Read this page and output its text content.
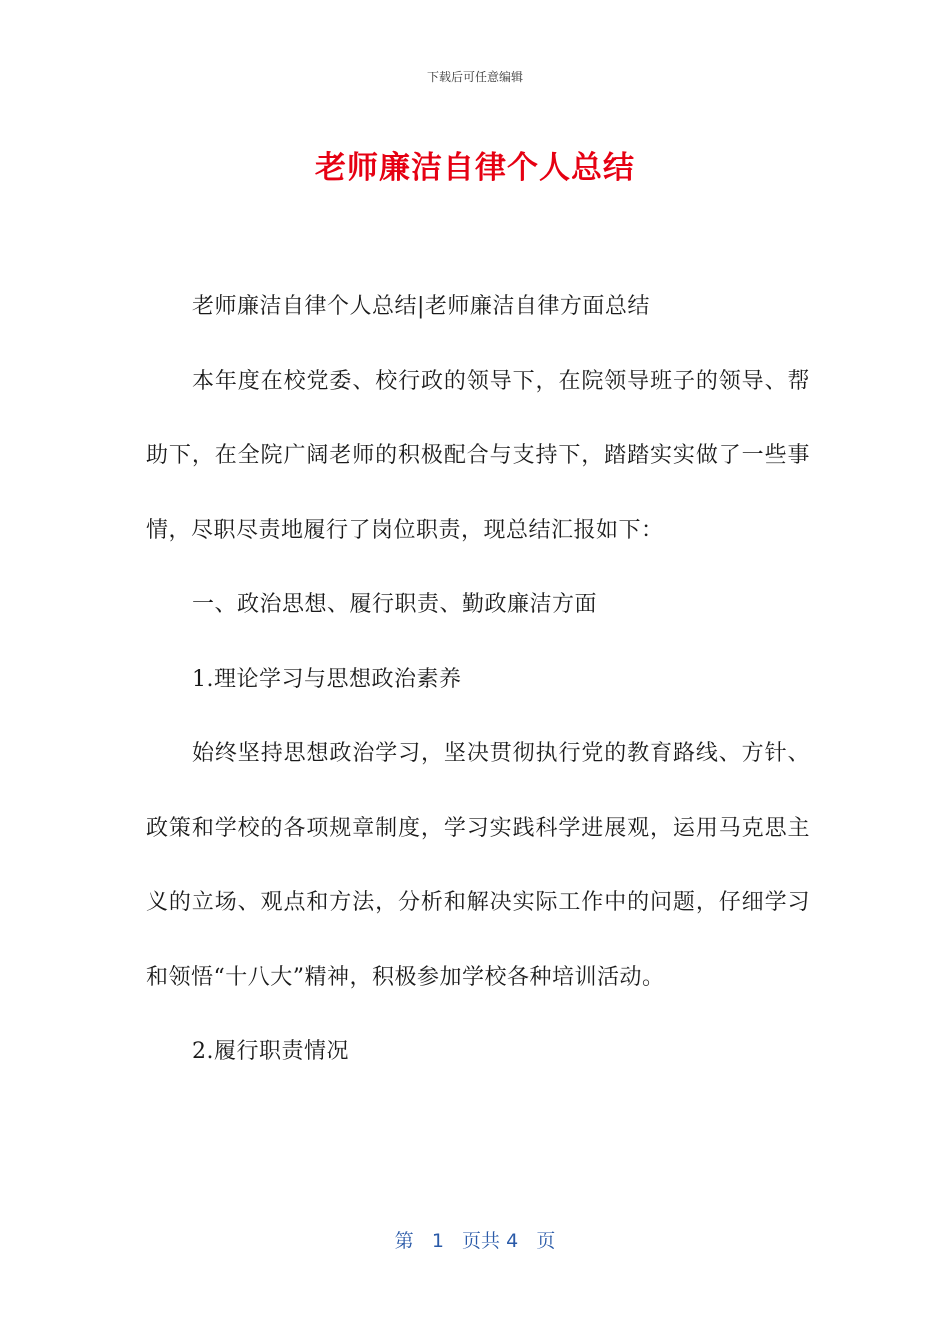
下载后可任意编辑
老师廉洁自律个人总结

老师廉洁自律个人总结|老师廉洁自律方面总结

本年度在校党委、校行政的领导下，在院领导班子的领导、帮助下，在全院广阔老师的积极配合与支持下，踏踏实实做了一些事情，尽职尽责地履行了岗位职责，现总结汇报如下：

一、政治思想、履行职责、勤政廉洁方面

1.理论学习与思想政治素养

始终坚持思想政治学习，坚决贯彻执行党的教育路线、方针、政策和学校的各项规章制度，学习实践科学进展观，运用马克思主义的立场、观点和方法，分析和解决实际工作中的问题，仔细学习和领悟“十八大”精神，积极参加学校各种培训活动。

2.履行职责情况

第 1 页共 4 页
